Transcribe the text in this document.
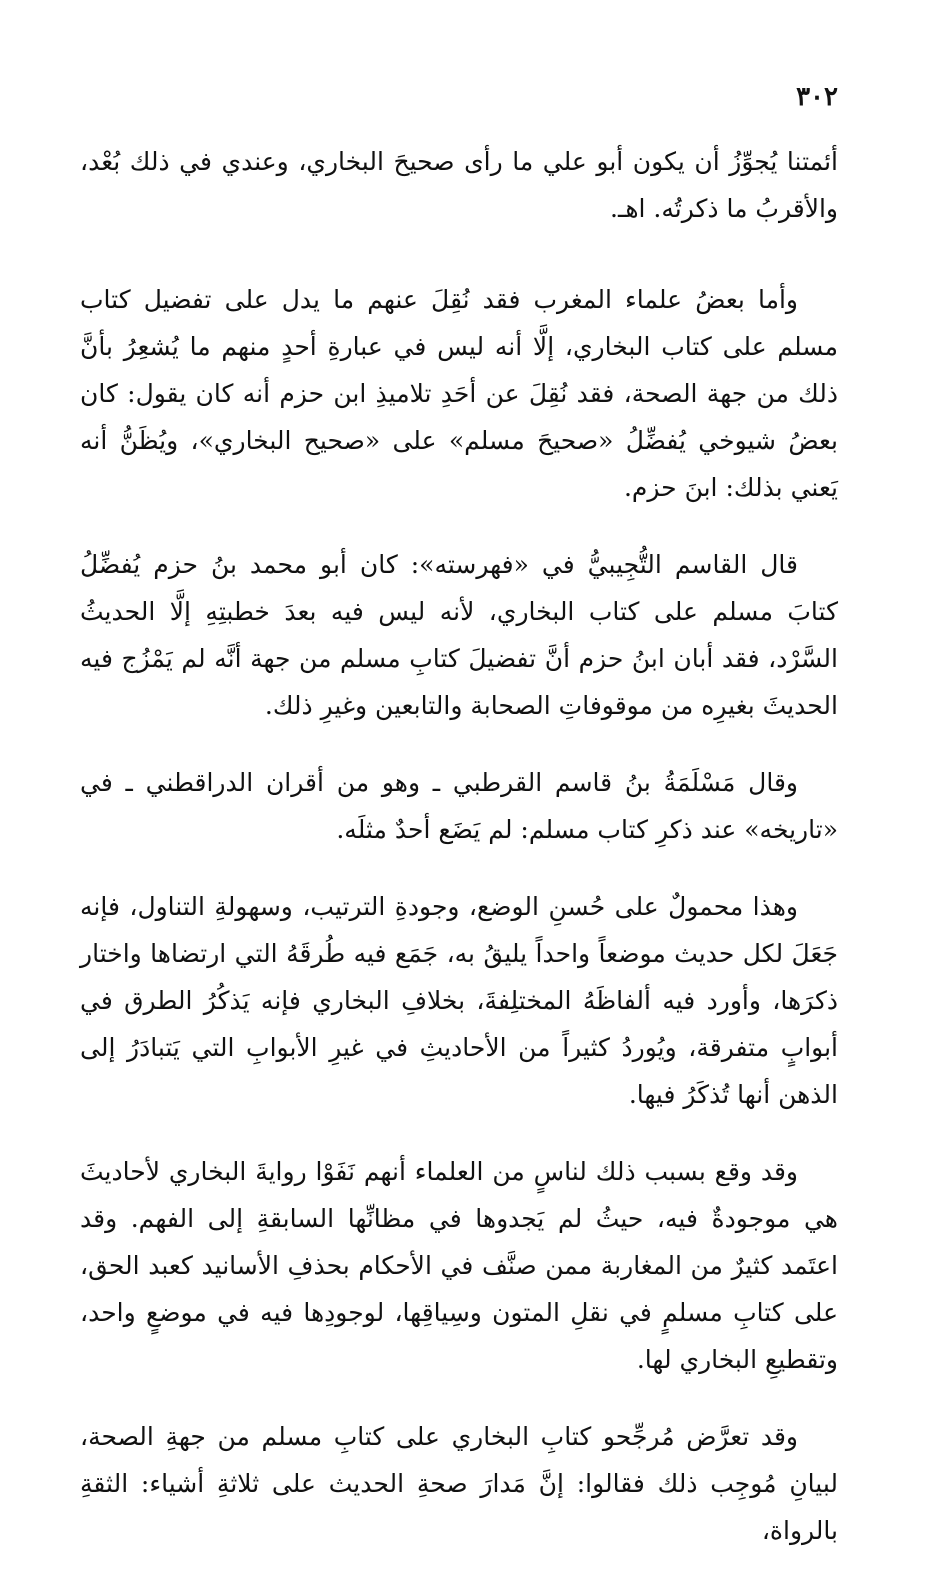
٣٠٢

أئمتنا يُجوِّزُ أن يكون أبو علي ما رأى صحيحَ البخاري، وعندي في ذلك بُعْد، والأقربُ ما ذكرتُه. اهـ.

وأما بعضُ علماء المغرب فقد نُقِلَ عنهم ما يدل على تفضيل كتاب مسلم على كتاب البخاري، إلَّا أنه ليس في عبارةِ أحدٍ منهم ما يُشعِرُ بأنَّ ذلك من جهة الصحة، فقد نُقِلَ عن أحَدِ تلاميذِ ابن حزم أنه كان يقول: كان بعضُ شيوخي يُفضِّلُ «صحيحَ مسلم» على «صحيح البخاري»، ويُظَنُّ أنه يَعني بذلك: ابنَ حزم.

قال القاسم التُّجِيبيُّ في «فهرسته»: كان أبو محمد بنُ حزم يُفضِّلُ كتابَ مسلم على كتاب البخاري، لأنه ليس فيه بعدَ خطبتِهِ إلَّا الحديثُ السَّرْد، فقد أبان ابنُ حزم أنَّ تفضيلَ كتابِ مسلم من جهة أنَّه لم يَمْزُج فيه الحديثَ بغيرِه من موقوفاتِ الصحابة والتابعين وغيرِ ذلك.

وقال مَسْلَمَةُ بنُ قاسم القرطبي ـ وهو من أقران الدراقطني ـ في «تاريخه» عند ذكرِ كتاب مسلم: لم يَضَع أحدٌ مثلَه.

وهذا محمولٌ على حُسنِ الوضع، وجودةِ الترتيب، وسهولةِ التناول، فإنه جَعَلَ لكل حديث موضعاً واحداً يليقُ به، جَمَع فيه طُرقَهُ التي ارتضاها واختار ذكرَها، وأورد فيه ألفاظَهُ المختلِفةَ، بخلافِ البخاري فإنه يَذكُرُ الطرق في أبوابٍ متفرقة، ويُوردُ كثيراً من الأحاديثِ في غيرِ الأبوابِ التي يَتبادَرُ إلى الذهن أنها تُذكَرُ فيها.

وقد وقع بسبب ذلك لناسٍ من العلماء أنهم نَفَوْا روايةَ البخاري لأحاديثَ هي موجودةٌ فيه، حيثُ لم يَجدوها في مظانِّها السابقةِ إلى الفهم. وقد اعتَمد كثيرٌ من المغاربة ممن صنَّف في الأحكام بحذفِ الأسانيد كعبد الحق، على كتابِ مسلمٍ في نقلِ المتون وسِياقِها، لوجودِها فيه في موضعٍ واحد، وتقطيعِ البخاري لها.

وقد تعرَّض مُرجِّحو كتابِ البخاري على كتابِ مسلم من جهةِ الصحة، لبيانِ مُوجِب ذلك فقالوا: إنَّ مَدارَ صحةِ الحديث على ثلاثةِ أشياء: الثقةِ بالرواة،
